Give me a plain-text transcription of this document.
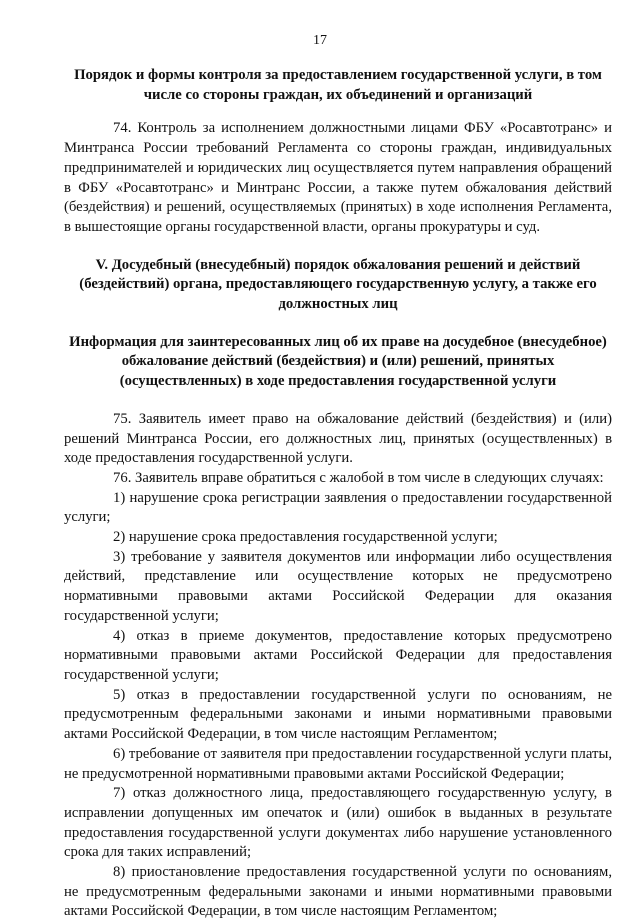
17

Порядок и формы контроля за предоставлением государственной услуги, в том числе со стороны граждан, их объединений и организаций

74. Контроль за исполнением должностными лицами ФБУ «Росавтотранс» и Минтранса России требований Регламента со стороны граждан, индивидуальных предпринимателей и юридических лиц осуществляется путем направления обращений в ФБУ «Росавтотранс» и Минтранс России, а также путем обжалования действий (бездействия) и решений, осуществляемых (принятых) в ходе исполнения Регламента, в вышестоящие органы государственной власти, органы прокуратуры и суд.

V. Досудебный (внесудебный) порядок обжалования решений и действий (бездействий) органа, предоставляющего государственную услугу, а также его должностных лиц

Информация для заинтересованных лиц об их праве на досудебное (внесудебное) обжалование действий (бездействия) и (или) решений, принятых (осуществленных) в ходе предоставления государственной услуги

75. Заявитель имеет право на обжалование действий (бездействия) и (или) решений Минтранса России, его должностных лиц, принятых (осуществленных) в ходе предоставления государственной услуги.

76. Заявитель вправе обратиться с жалобой в том числе в следующих случаях:

1) нарушение срока регистрации заявления о предоставлении государственной услуги;

2) нарушение срока предоставления государственной услуги;

3) требование у заявителя документов или информации либо осуществления действий, представление или осуществление которых не предусмотрено нормативными правовыми актами Российской Федерации для оказания государственной услуги;

4) отказ в приеме документов, предоставление которых предусмотрено нормативными правовыми актами Российской Федерации для предоставления государственной услуги;

5) отказ в предоставлении государственной услуги по основаниям, не предусмотренным федеральными законами и иными нормативными правовыми актами Российской Федерации, в том числе настоящим Регламентом;

6) требование от заявителя при предоставлении государственной услуги платы, не предусмотренной нормативными правовыми актами Российской Федерации;

7) отказ должностного лица, предоставляющего государственную услугу, в исправлении допущенных им опечаток и (или) ошибок в выданных в результате предоставления государственной услуги документах либо нарушение установленного срока для таких исправлений;

8) приостановление предоставления государственной услуги по основаниям, не предусмотренным федеральными законами и иными нормативными правовыми актами Российской Федерации, в том числе настоящим Регламентом;
